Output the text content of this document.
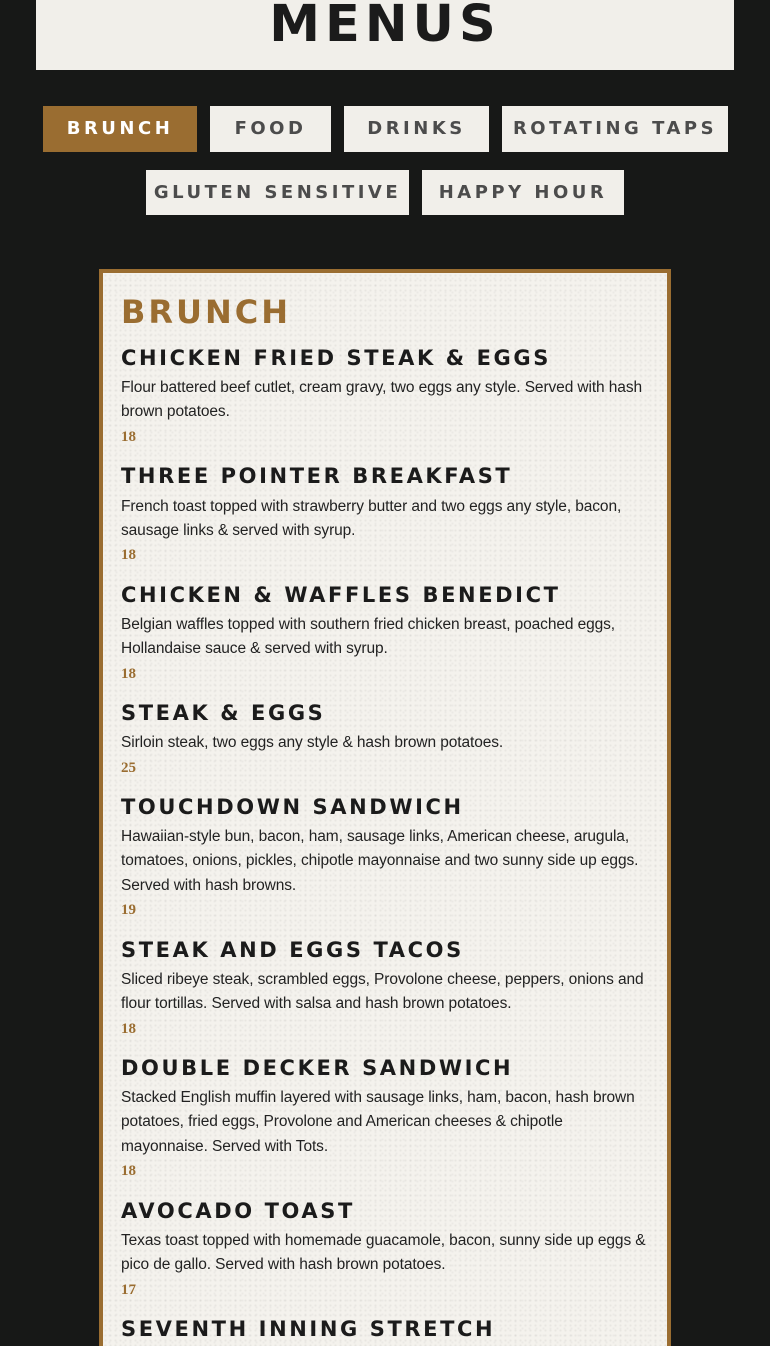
MENUS
BRUNCH	FOOD	DRINKS	ROTATING TAPS
GLUTEN SENSITIVE	HAPPY HOUR
BRUNCH
CHICKEN FRIED STEAK & EGGS

Flour battered beef cutlet, cream gravy, two eggs any style. Served with hash brown potatoes.

18

THREE POINTER BREAKFAST

French toast topped with strawberry butter and two eggs any style, bacon, sausage links & served with syrup.

18

CHICKEN & WAFFLES BENEDICT

Belgian waffles topped with southern fried chicken breast, poached eggs, Hollandaise sauce & served with syrup.

18

STEAK & EGGS

Sirloin steak, two eggs any style & hash brown potatoes.

25

TOUCHDOWN SANDWICH

Hawaiian-style bun, bacon, ham, sausage links, American cheese, arugula, tomatoes, onions, pickles, chipotle mayonnaise and two sunny side up eggs. Served with hash browns.

19

STEAK AND EGGS TACOS

Sliced ribeye steak, scrambled eggs, Provolone cheese, peppers, onions and flour tortillas. Served with salsa and hash brown potatoes.

18

DOUBLE DECKER SANDWICH

Stacked English muffin layered with sausage links, ham, bacon, hash brown potatoes, fried eggs, Provolone and American cheeses & chipotle mayonnaise. Served with Tots.

18

AVOCADO TOAST

Texas toast topped with homemade guacamole, bacon, sunny side up eggs & pico de gallo. Served with hash brown potatoes.

17

SEVENTH INNING STRETCH
